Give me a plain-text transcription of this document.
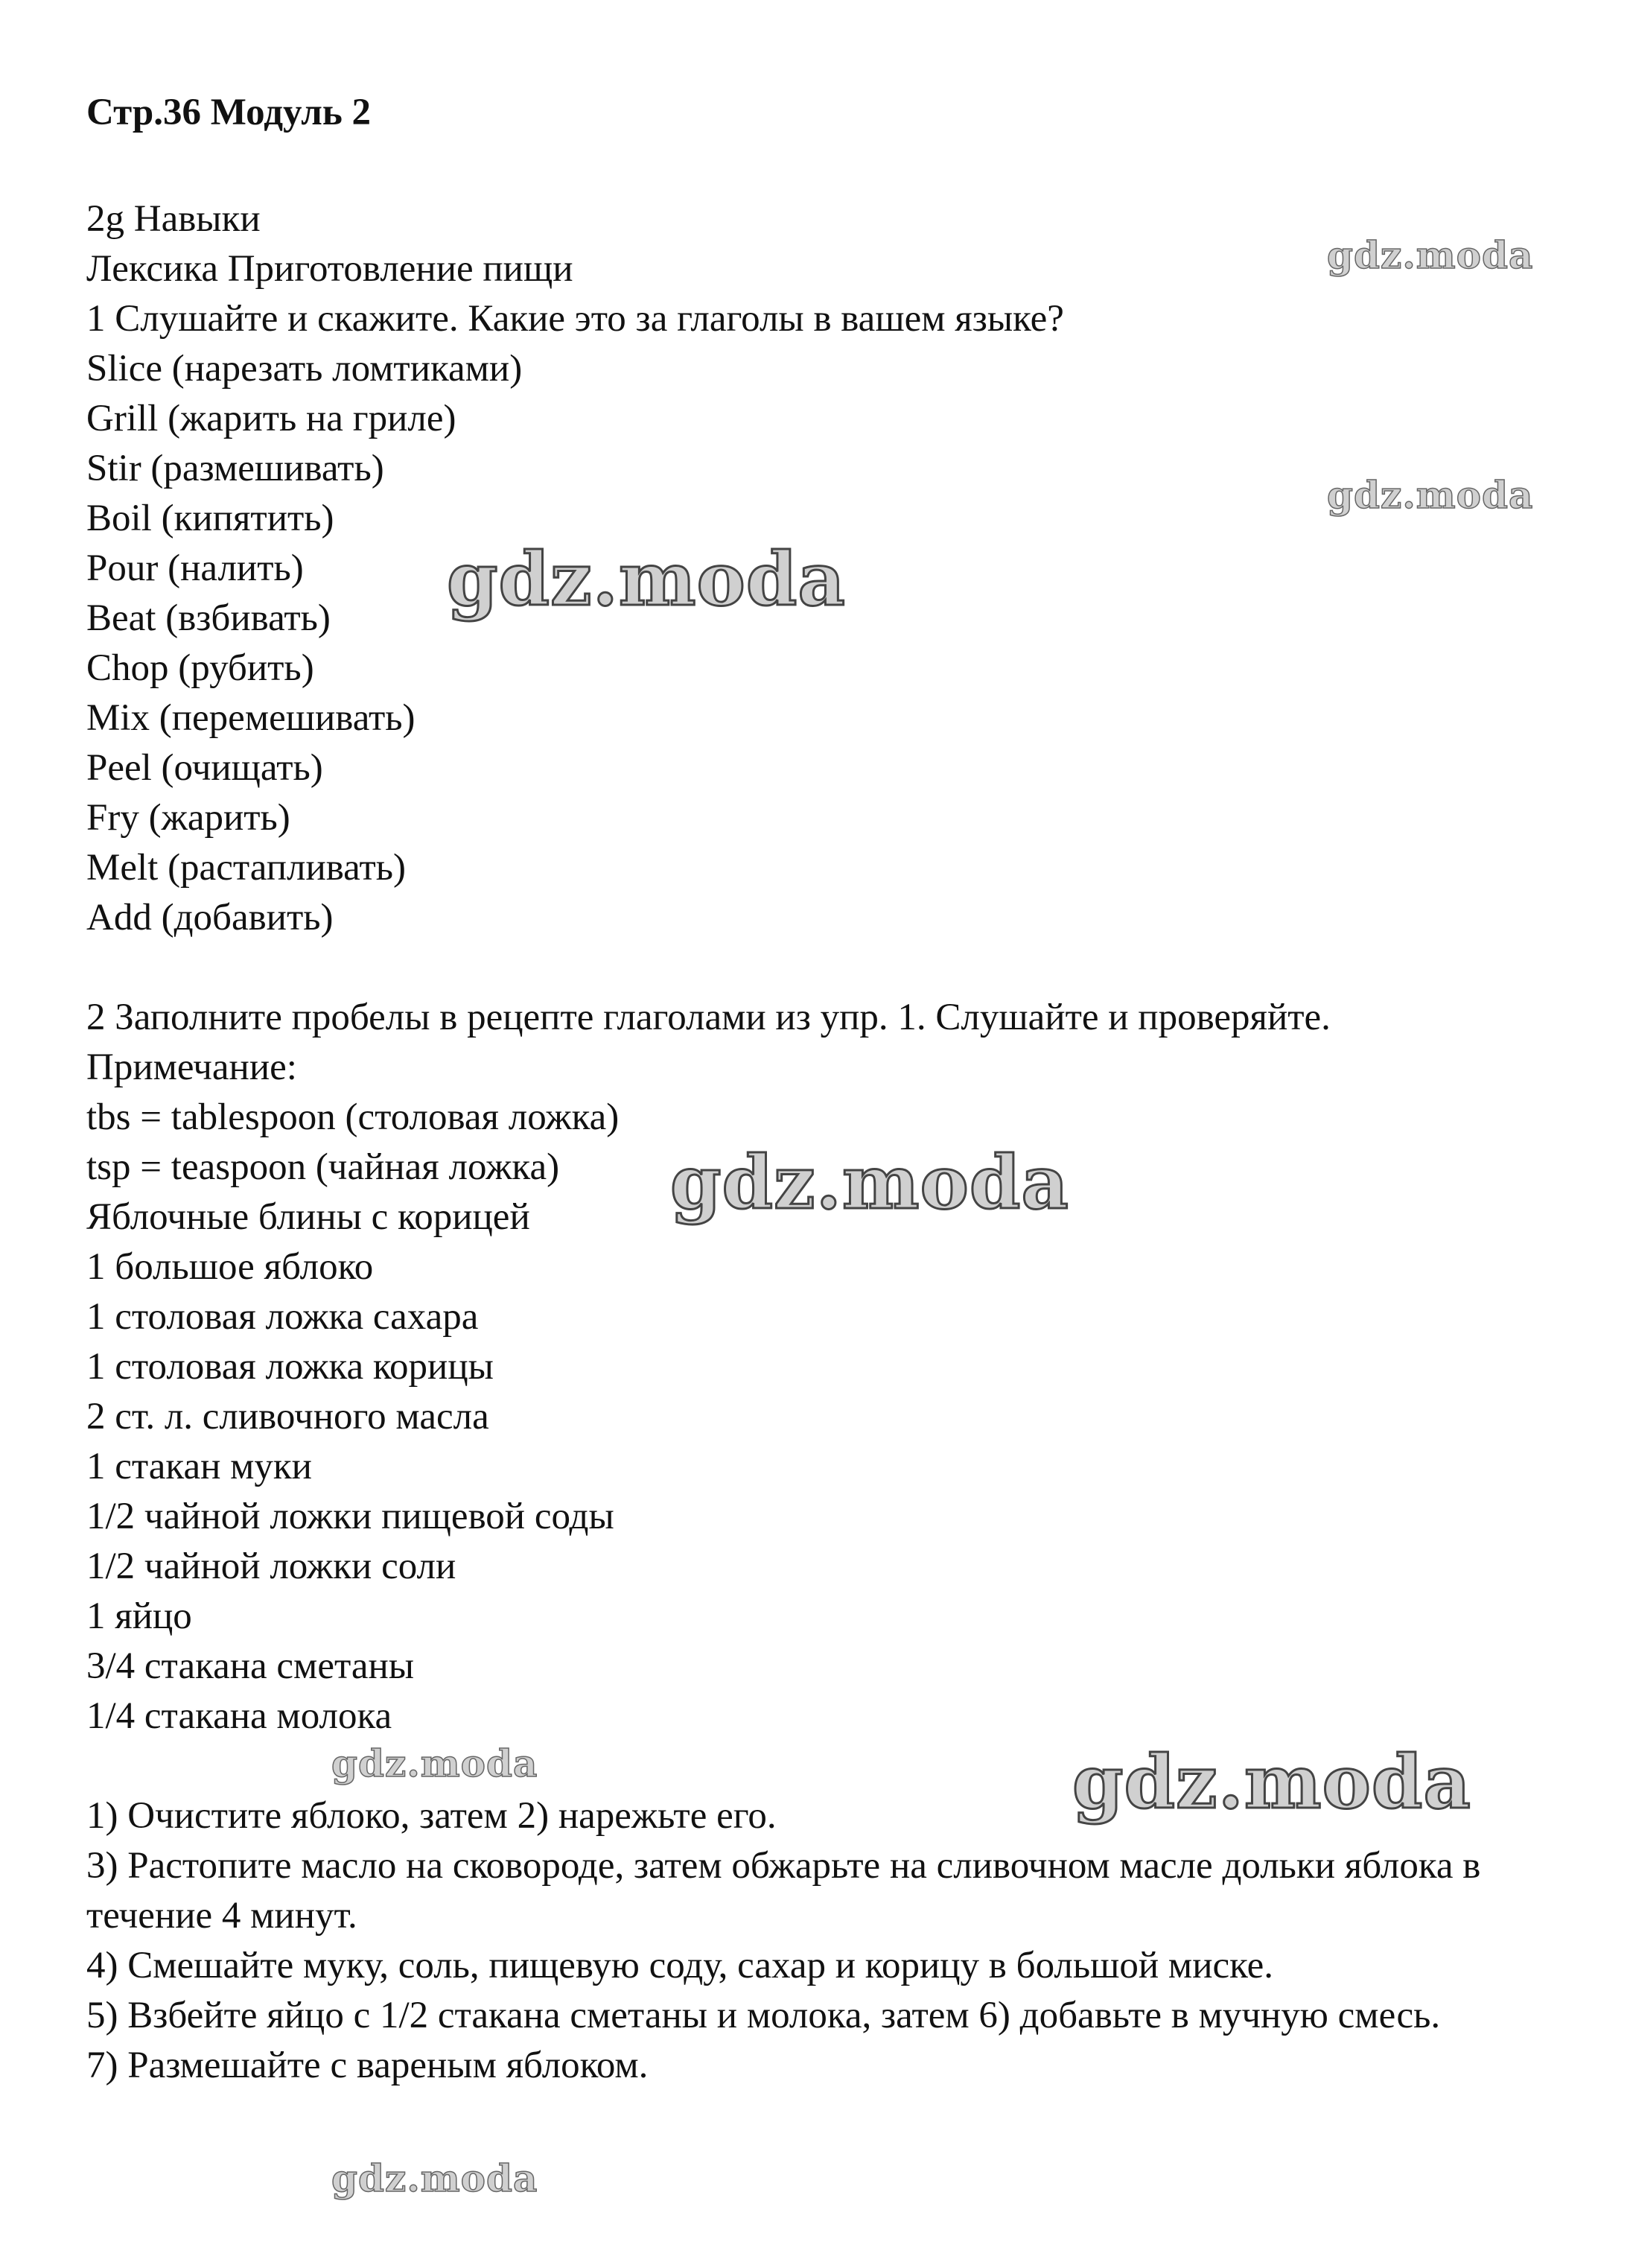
Стр.36 Модуль 2
2g Навыки
Лексика Приготовление пищи
1 Слушайте и скажите. Какие это за глаголы в вашем языке?
Slice (нарезать ломтиками)
Grill (жарить на гриле)
Stir (размешивать)
Boil (кипятить)
Pour (налить)
Beat (взбивать)
Chop (рубить)
Mix (перемешивать)
Peel (очищать)
Fry (жарить)
Melt (растапливать)
Add (добавить)
2 Заполните пробелы в рецепте глаголами из упр. 1. Слушайте и проверяйте.
Примечание:
tbs = tablespoon (столовая ложка)
tsp = teaspoon (чайная ложка)
Яблочные блины с корицей
1 большое яблоко
1 столовая ложка сахара
1 столовая ложка корицы
2 ст. л. сливочного масла
1 стакан муки
1/2 чайной ложки пищевой соды
1/2 чайной ложки соли
1 яйцо
3/4 стакана сметаны
1/4 стакана молока
1) Очистите яблоко, затем 2) нарежьте его.
3) Растопите масло на сковороде, затем обжарьте на сливочном масле дольки яблока в течение 4 минут.
4) Смешайте муку, соль, пищевую соду, сахар и корицу в большой миске.
5) Взбейте яйцо с 1/2 стакана сметаны и молока, затем 6) добавьте в мучную смесь.
7) Размешайте с вареным яблоком.
gdz.moda
gdz.moda
gdz.moda
gdz.moda
gdz.moda	gdz.moda
gdz.moda
